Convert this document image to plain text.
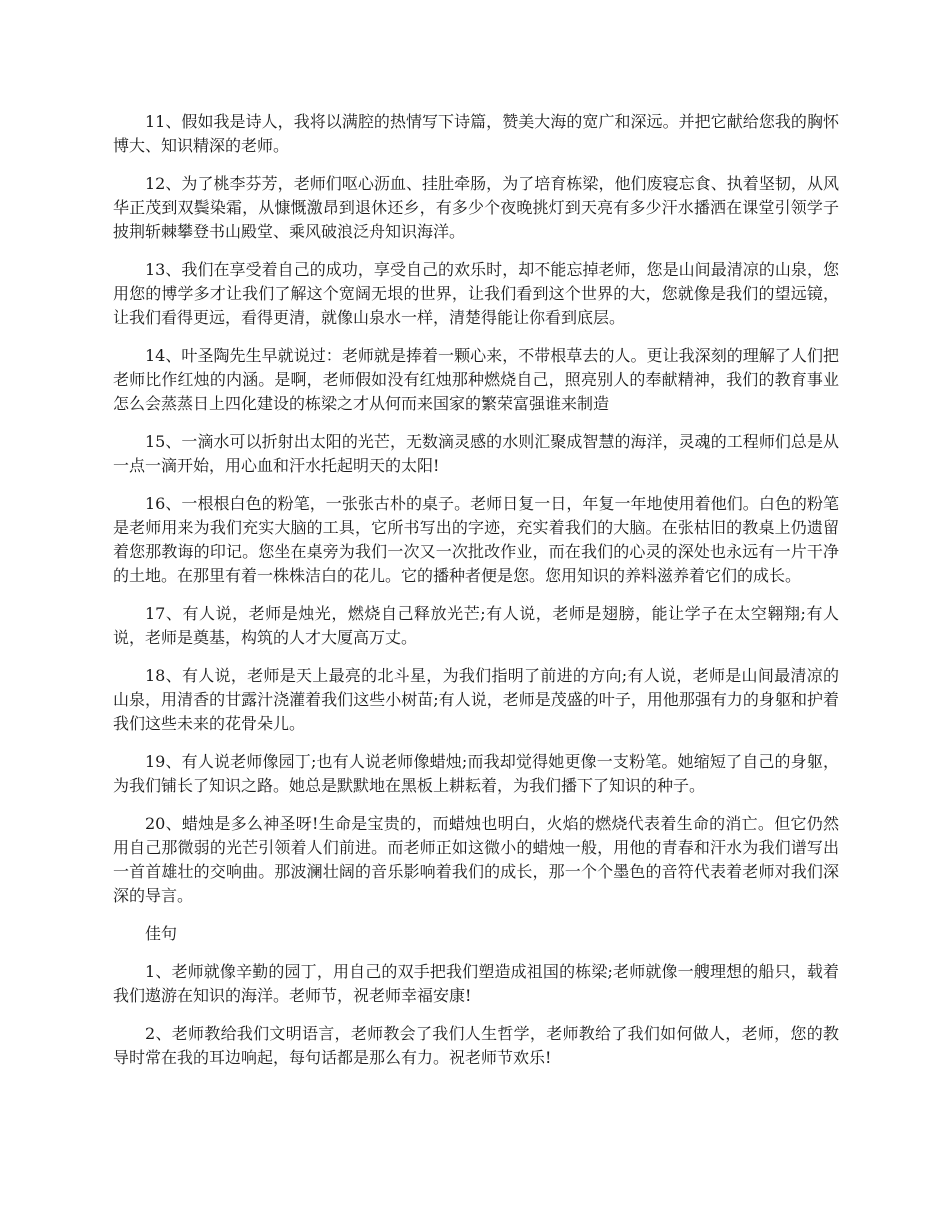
11、假如我是诗人，我将以满腔的热情写下诗篇，赞美大海的宽广和深远。并把它献给您我的胸怀博大、知识精深的老师。

12、为了桃李芬芳，老师们呕心沥血、挂肚牵肠，为了培育栋梁，他们废寝忘食、执着坚韧，从风华正茂到双鬓染霜，从慷慨激昂到退休还乡，有多少个夜晚挑灯到天亮有多少汗水播洒在课堂引领学子披荆斩棘攀登书山殿堂、乘风破浪泛舟知识海洋。

13、我们在享受着自己的成功，享受自己的欢乐时，却不能忘掉老师，您是山间最清凉的山泉，您用您的博学多才让我们了解这个宽阔无垠的世界，让我们看到这个世界的大，您就像是我们的望远镜，让我们看得更远，看得更清，就像山泉水一样，清楚得能让你看到底层。

14、叶圣陶先生早就说过：老师就是捧着一颗心来，不带根草去的人。更让我深刻的理解了人们把老师比作红烛的内涵。是啊，老师假如没有红烛那种燃烧自己，照亮别人的奉献精神，我们的教育事业怎么会蒸蒸日上四化建设的栋梁之才从何而来国家的繁荣富强谁来制造

15、一滴水可以折射出太阳的光芒，无数滴灵感的水则汇聚成智慧的海洋，灵魂的工程师们总是从一点一滴开始，用心血和汗水托起明天的太阳!

16、一根根白色的粉笔，一张张古朴的桌子。老师日复一日，年复一年地使用着他们。白色的粉笔是老师用来为我们充实大脑的工具，它所书写出的字迹，充实着我们的大脑。在张枯旧的教桌上仍遗留着您那教诲的印记。您坐在桌旁为我们一次又一次批改作业，而在我们的心灵的深处也永远有一片干净的土地。在那里有着一株株洁白的花儿。它的播种者便是您。您用知识的养料滋养着它们的成长。

17、有人说，老师是烛光，燃烧自己释放光芒;有人说，老师是翅膀，能让学子在太空翱翔;有人说，老师是奠基，构筑的人才大厦高万丈。

18、有人说，老师是天上最亮的北斗星，为我们指明了前进的方向;有人说，老师是山间最清凉的山泉，用清香的甘露汁浇灌着我们这些小树苗;有人说，老师是茂盛的叶子，用他那强有力的身躯和护着我们这些未来的花骨朵儿。

19、有人说老师像园丁;也有人说老师像蜡烛;而我却觉得她更像一支粉笔。她缩短了自己的身躯，为我们铺长了知识之路。她总是默默地在黑板上耕耘着，为我们播下了知识的种子。

20、蜡烛是多么神圣呀!生命是宝贵的，而蜡烛也明白，火焰的燃烧代表着生命的消亡。但它仍然用自己那微弱的光芒引领着人们前进。而老师正如这微小的蜡烛一般，用他的青春和汗水为我们谱写出一首首雄壮的交响曲。那波澜壮阔的音乐影响着我们的成长，那一个个墨色的音符代表着老师对我们深深的导言。

佳句

1、老师就像辛勤的园丁，用自己的双手把我们塑造成祖国的栋梁;老师就像一艘理想的船只，载着我们遨游在知识的海洋。老师节，祝老师幸福安康!

2、老师教给我们文明语言，老师教会了我们人生哲学，老师教给了我们如何做人，老师，您的教导时常在我的耳边响起，每句话都是那么有力。祝老师节欢乐!
